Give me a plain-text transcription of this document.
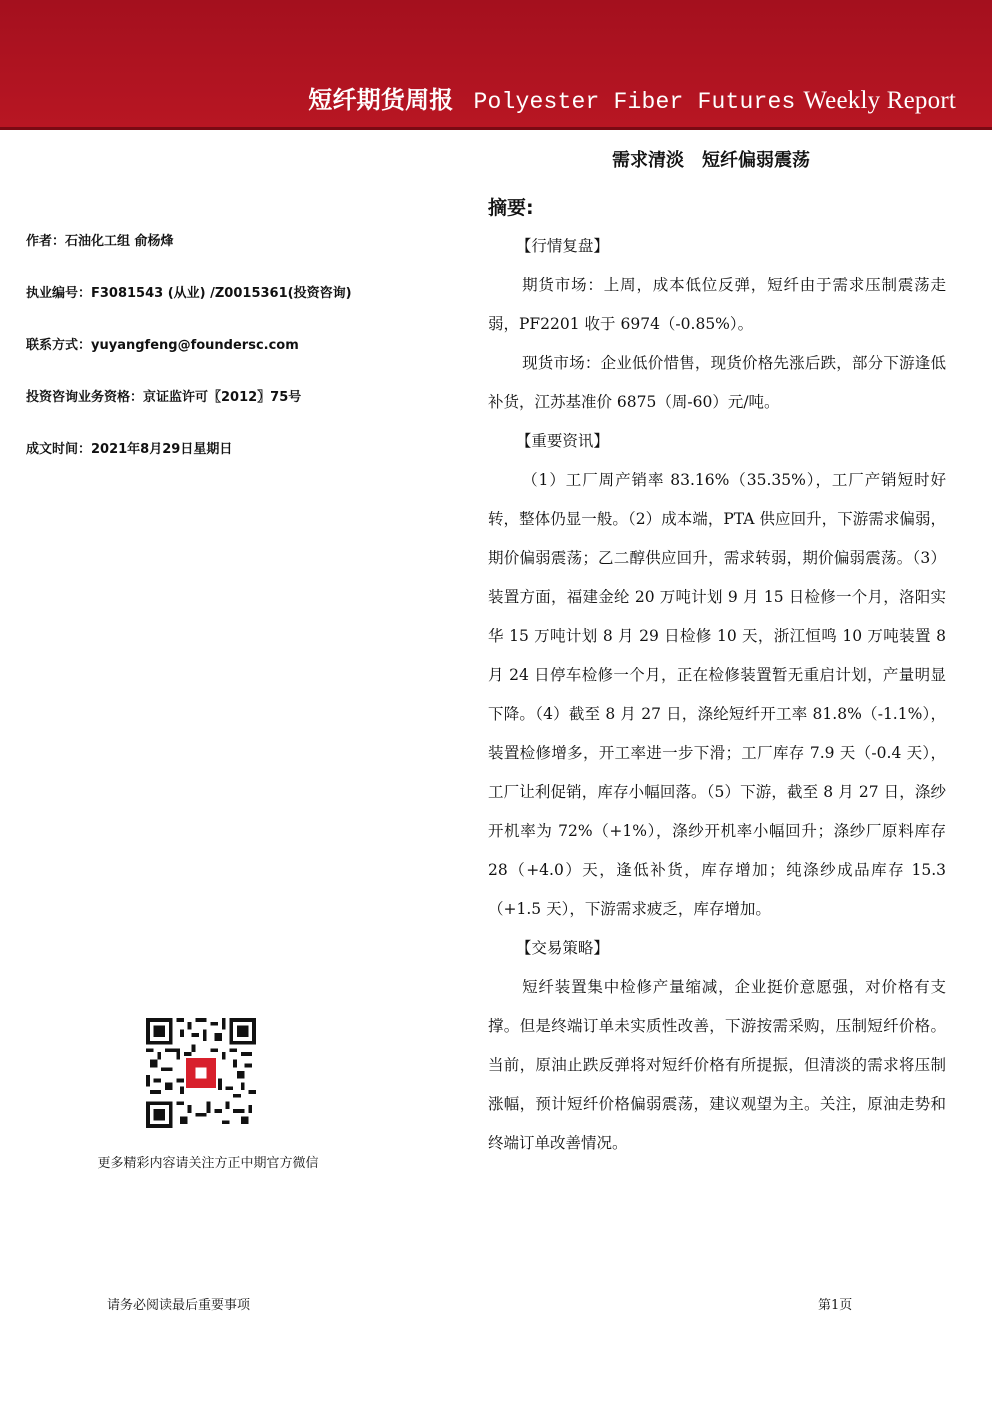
短纤期货周报 Polyester Fiber Futures Weekly Report
作者：石油化工组 俞杨烽
执业编号：F3081543 (从业) /Z0015361(投资咨询)
联系方式：yuyangfeng@foundersc.com
投资咨询业务资格：京证监许可〖2012〗75号
成文时间：2021年8月29日星期日
更多精彩内容请关注方正中期官方微信
需求清淡　短纤偏弱震荡
摘要:

【行情复盘】

期货市场：上周，成本低位反弹，短纤由于需求压制震荡走弱，PF2201 收于 6974（-0.85%）。

现货市场：企业低价惜售，现货价格先涨后跌，部分下游逢低补货，江苏基准价 6875（周-60）元/吨。

【重要资讯】

（1）工厂周产销率 83.16%（35.35%），工厂产销短时好转，整体仍显一般。（2）成本端，PTA 供应回升，下游需求偏弱，期价偏弱震荡；乙二醇供应回升，需求转弱，期价偏弱震荡。（3）装置方面，福建金纶 20 万吨计划 9 月 15 日检修一个月，洛阳实华 15 万吨计划 8 月 29 日检修 10 天，浙江恒鸣 10 万吨装置 8 月 24 日停车检修一个月，正在检修装置暂无重启计划，产量明显下降。（4）截至 8 月 27 日，涤纶短纤开工率 81.8%（-1.1%），装置检修增多，开工率进一步下滑；工厂库存 7.9 天（-0.4 天），工厂让利促销，库存小幅回落。（5）下游，截至 8 月 27 日，涤纱开机率为 72%（+1%），涤纱开机率小幅回升；涤纱厂原料库存 28（+4.0）天，逢低补货，库存增加；纯涤纱成品库存 15.3（+1.5 天），下游需求疲乏，库存增加。

【交易策略】

短纤装置集中检修产量缩减，企业挺价意愿强，对价格有支撑。但是终端订单未实质性改善，下游按需采购，压制短纤价格。当前，原油止跌反弹将对短纤价格有所提振，但清淡的需求将压制涨幅，预计短纤价格偏弱震荡，建议观望为主。关注，原油走势和终端订单改善情况。

请务必阅读最后重要事项	第1页
